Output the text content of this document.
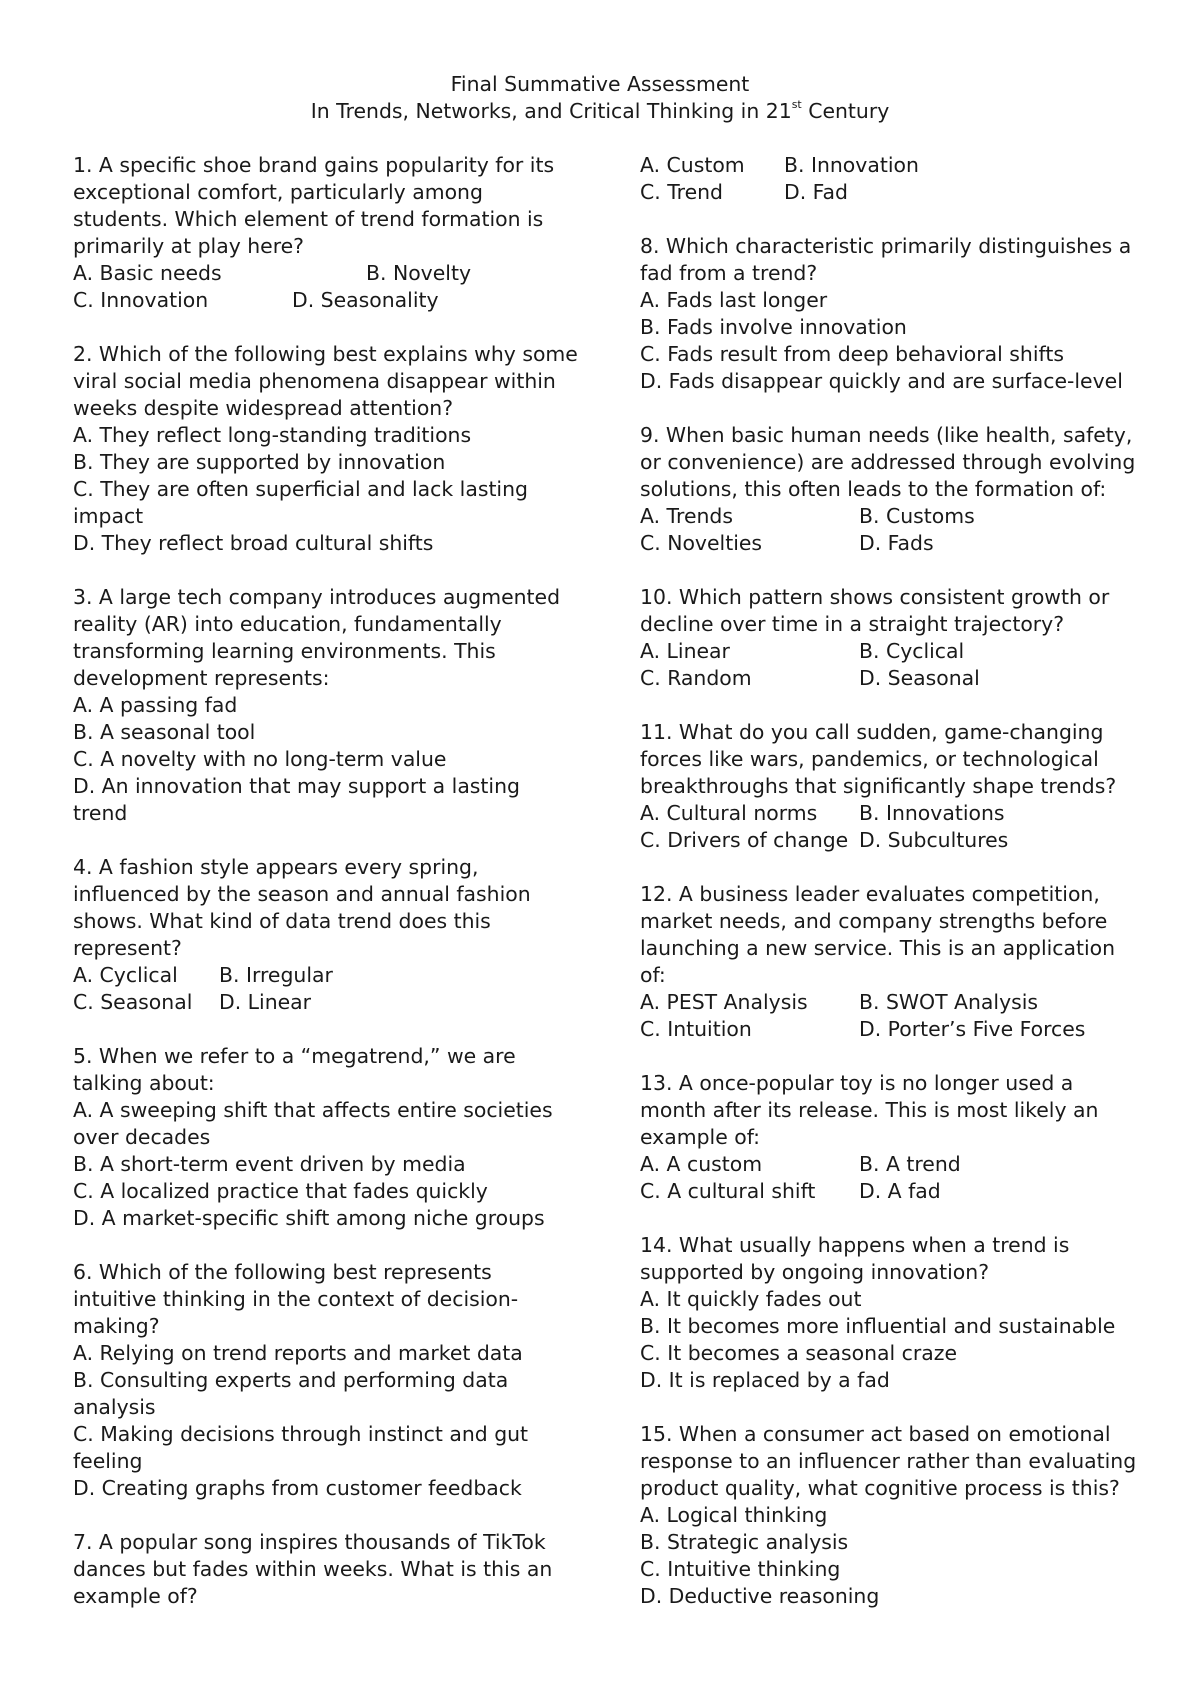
Final Summative Assessment
In Trends, Networks, and Critical Thinking in 21st Century
1. A specific shoe brand gains popularity for its exceptional comfort, particularly among students. Which element of trend formation is primarily at play here?
A. Basic needs	B. Novelty
C. Innovation	D. Seasonality
2. Which of the following best explains why some viral social media phenomena disappear within weeks despite widespread attention?
A. They reflect long-standing traditions
B. They are supported by innovation
C. They are often superficial and lack lasting impact
D. They reflect broad cultural shifts
3. A large tech company introduces augmented reality (AR) into education, fundamentally transforming learning environments. This development represents:
A. A passing fad
B. A seasonal tool
C. A novelty with no long-term value
D. An innovation that may support a lasting trend
4. A fashion style appears every spring, influenced by the season and annual fashion shows. What kind of data trend does this represent?
A. Cyclical	B. Irregular
C. Seasonal	D. Linear
5. When we refer to a “megatrend,” we are talking about:
A. A sweeping shift that affects entire societies over decades
B. A short-term event driven by media
C. A localized practice that fades quickly
D. A market-specific shift among niche groups
6. Which of the following best represents intuitive thinking in the context of decision-making?
A. Relying on trend reports and market data
B. Consulting experts and performing data analysis
C. Making decisions through instinct and gut feeling
D. Creating graphs from customer feedback
7. A popular song inspires thousands of TikTok dances but fades within weeks. What is this an example of?
A. Custom	B. Innovation
C. Trend	D. Fad
8. Which characteristic primarily distinguishes a fad from a trend?
A. Fads last longer
B. Fads involve innovation
C. Fads result from deep behavioral shifts
D. Fads disappear quickly and are surface-level
9. When basic human needs (like health, safety, or convenience) are addressed through evolving solutions, this often leads to the formation of:
A. Trends	B. Customs
C. Novelties	D. Fads
10. Which pattern shows consistent growth or decline over time in a straight trajectory?
A. Linear	B. Cyclical
C. Random	D. Seasonal
11. What do you call sudden, game-changing forces like wars, pandemics, or technological breakthroughs that significantly shape trends?
A. Cultural norms	B. Innovations
C. Drivers of change D. Subcultures
12. A business leader evaluates competition, market needs, and company strengths before launching a new service. This is an application of:
A. PEST Analysis	B. SWOT Analysis
C. Intuition	D. Porter’s Five Forces
13. A once-popular toy is no longer used a month after its release. This is most likely an example of:
A. A custom	B. A trend
C. A cultural shift	D. A fad
14. What usually happens when a trend is supported by ongoing innovation?
A. It quickly fades out
B. It becomes more influential and sustainable
C. It becomes a seasonal craze
D. It is replaced by a fad
15. When a consumer act based on emotional response to an influencer rather than evaluating product quality, what cognitive process is this?
A. Logical thinking
B. Strategic analysis
C. Intuitive thinking
D. Deductive reasoning
